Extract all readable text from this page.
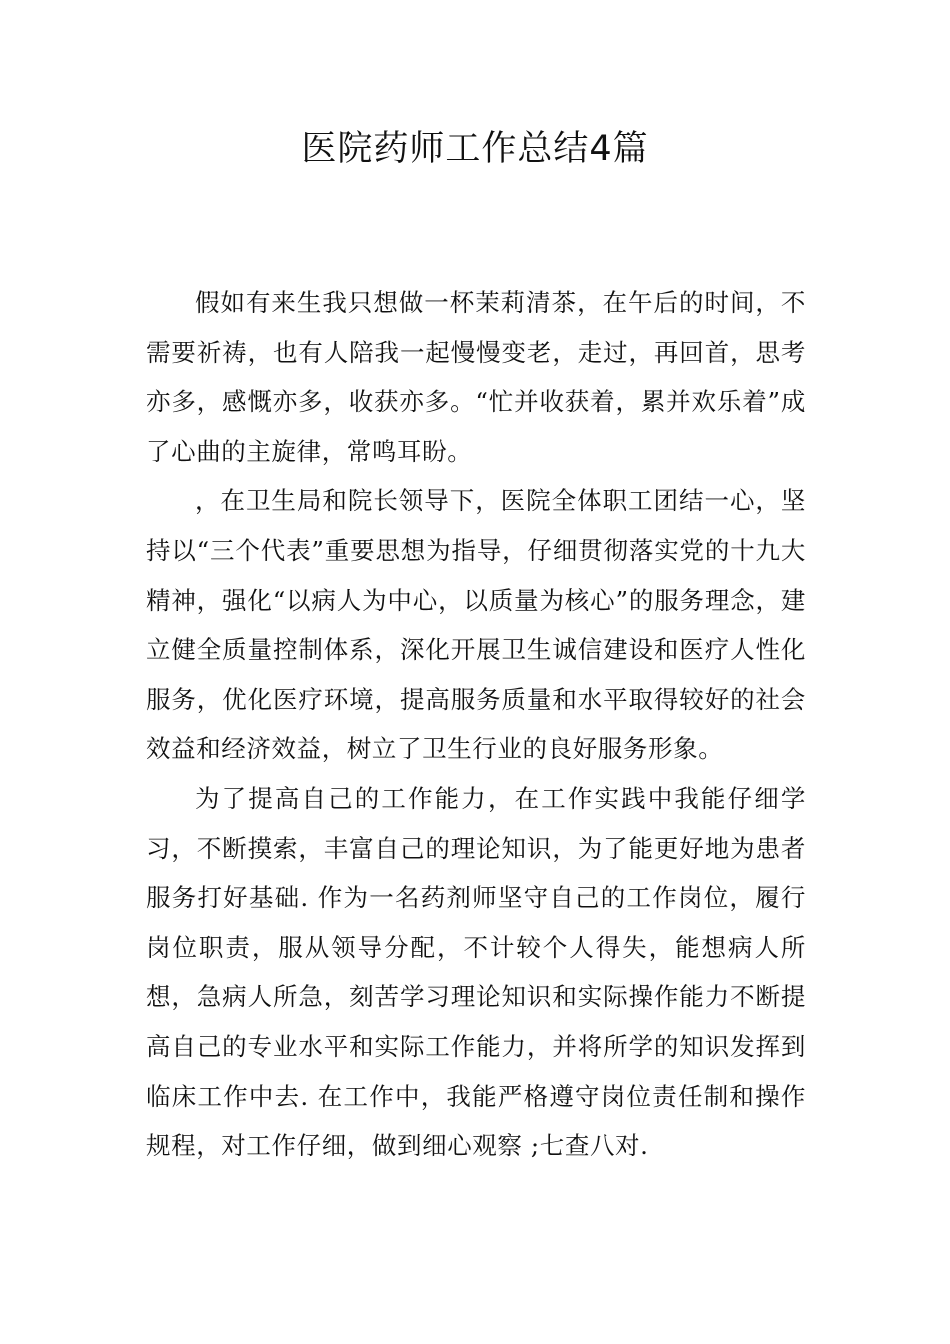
医院药师工作总结4篇

假如有来生我只想做一杯茉莉清茶，在午后的时间，不需要祈祷，也有人陪我一起慢慢变老，走过，再回首，思考亦多，感慨亦多，收获亦多。“忙并收获着，累并欢乐着”成了心曲的主旋律，常鸣耳盼。

，在卫生局和院长领导下，医院全体职工团结一心，坚持以“三个代表”重要思想为指导，仔细贯彻落实党的十九大精神，强化“以病人为中心，以质量为核心”的服务理念，建立健全质量控制体系，深化开展卫生诚信建设和医疗人性化服务，优化医疗环境，提高服务质量和水平取得较好的社会效益和经济效益，树立了卫生行业的良好服务形象。

为了提高自己的工作能力，在工作实践中我能仔细学习，不断摸索，丰富自己的理论知识，为了能更好地为患者服务打好基础. 作为一名药剂师坚守自己的工作岗位，履行岗位职责，服从领导分配，不计较个人得失，能想病人所想，急病人所急，刻苦学习理论知识和实际操作能力不断提高自己的专业水平和实际工作能力，并将所学的知识发挥到临床工作中去. 在工作中，我能严格遵守岗位责任制和操作规程，对工作仔细，做到细心观察 ;七查八对.
